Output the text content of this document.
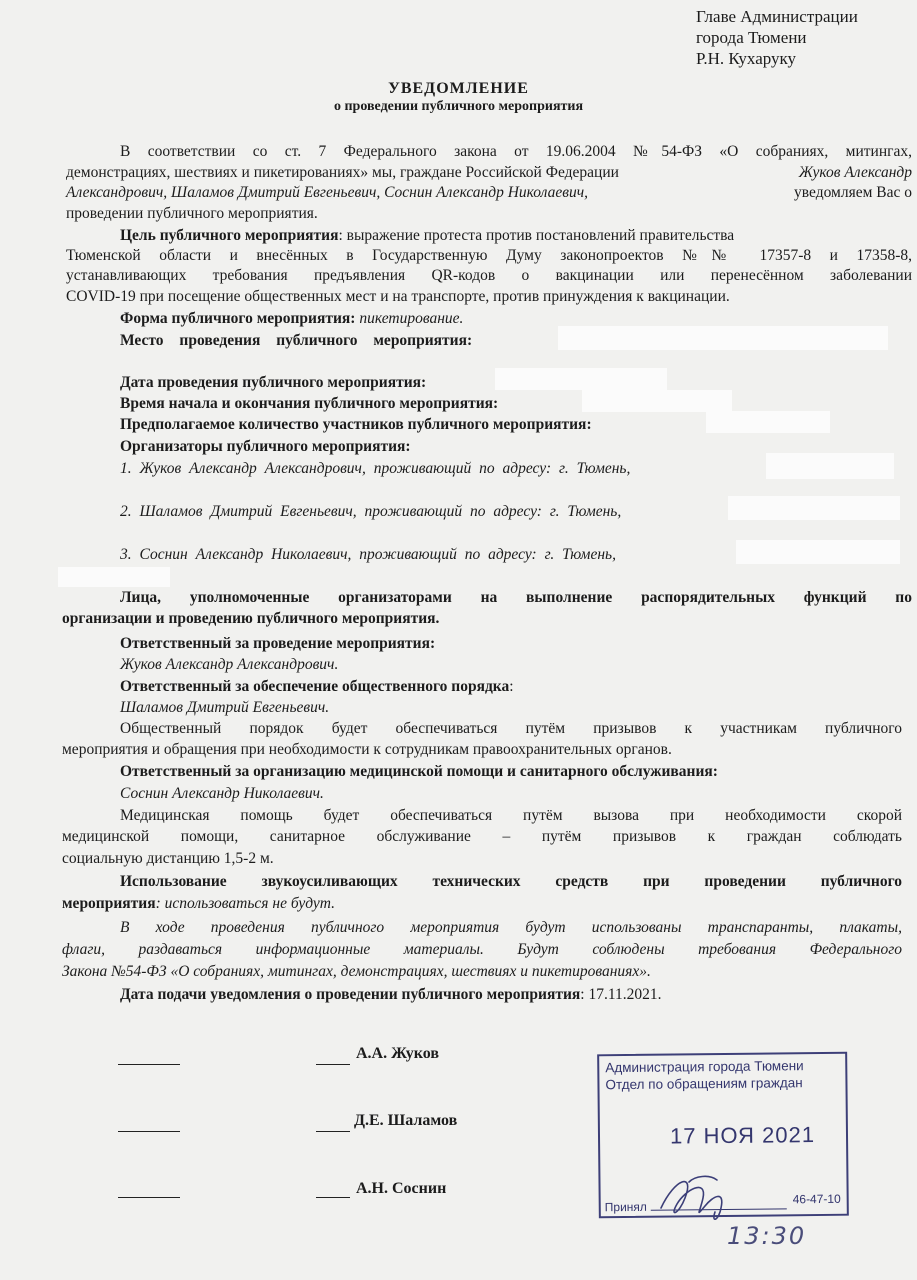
Главе Администрации
города Тюмени
Р.Н. Кухаруку
УВЕДОМЛЕНИЕ
о проведении публичного мероприятия
В соответствии со ст. 7 Федерального закона от 19.06.2004 №54-ФЗ «О собраниях, митингах,
демонстрациях, шествиях и пикетированиях» мы, граждане Российской Федерации	Жуков Александр
Александрович, Шаламов Дмитрий Евгеньевич, Соснин Александр Николаевич,	уведомляем Вас о
проведении публичного мероприятия.
Цель публичного мероприятия : выражение протеста против постановлений правительства
Тюменской области и внесённых в Государственную Думу законопроектов №№ 17357-8 и 17358-8,
устанавливающих требования предъявления QR-кодов о вакцинации или перенесённом заболевании
COVID-19 при посещение общественных мест и на транспорте, против принуждения к вакцинации.
Форма публичного мероприятия: пикетирование.
Место проведения публичного мероприятия:
Дата проведения публичного мероприятия:
Время начала и окончания публичного мероприятия:
Предполагаемое количество участников публичного мероприятия:
Организаторы публичного мероприятия:
1. Жуков Александр Александрович, проживающий по адресу: г. Тюмень,
2. Шаламов Дмитрий Евгеньевич, проживающий по адресу: г. Тюмень,
3. Соснин Александр Николаевич, проживающий по адресу: г. Тюмень,
Лица, уполномоченные организаторами на выполнение распорядительных функций по
организации и проведению публичного мероприятия.
Ответственный за проведение мероприятия:
Жуков Александр Александрович.
Ответственный за обеспечение общественного порядка:
Шаламов Дмитрий Евгеньевич.
Общественный порядок будет обеспечиваться путём призывов к участникам публичного
мероприятия и обращения при необходимости к сотрудникам правоохранительных органов.
Ответственный за организацию медицинской помощи и санитарного обслуживания:
Соснин Александр Николаевич.
Медицинская помощь будет обеспечиваться путём вызова при необходимости скорой
медицинской помощи, санитарное обслуживание – путём призывов к граждан соблюдать
социальную дистанцию 1,5-2 м.
Использование звукоусиливающих технических средств при проведении публичного
мероприятия: использоваться не будут.
В ходе проведения публичного мероприятия будут использованы транспаранты, плакаты,
флаги, раздаваться информационные материалы. Будут соблюдены требования Федерального
Закона №54-ФЗ «О собраниях, митингах, демонстрациях, шествиях и пикетированиях».
Дата подачи уведомления о проведении публичного мероприятия: 17.11.2021.
А.А. Жуков
Д.Е. Шаламов
А.Н. Соснин
Администрация города Тюмени
Отдел по обращениям граждан
17 НОЯ 2021
Принял
46-47-10
13:30
